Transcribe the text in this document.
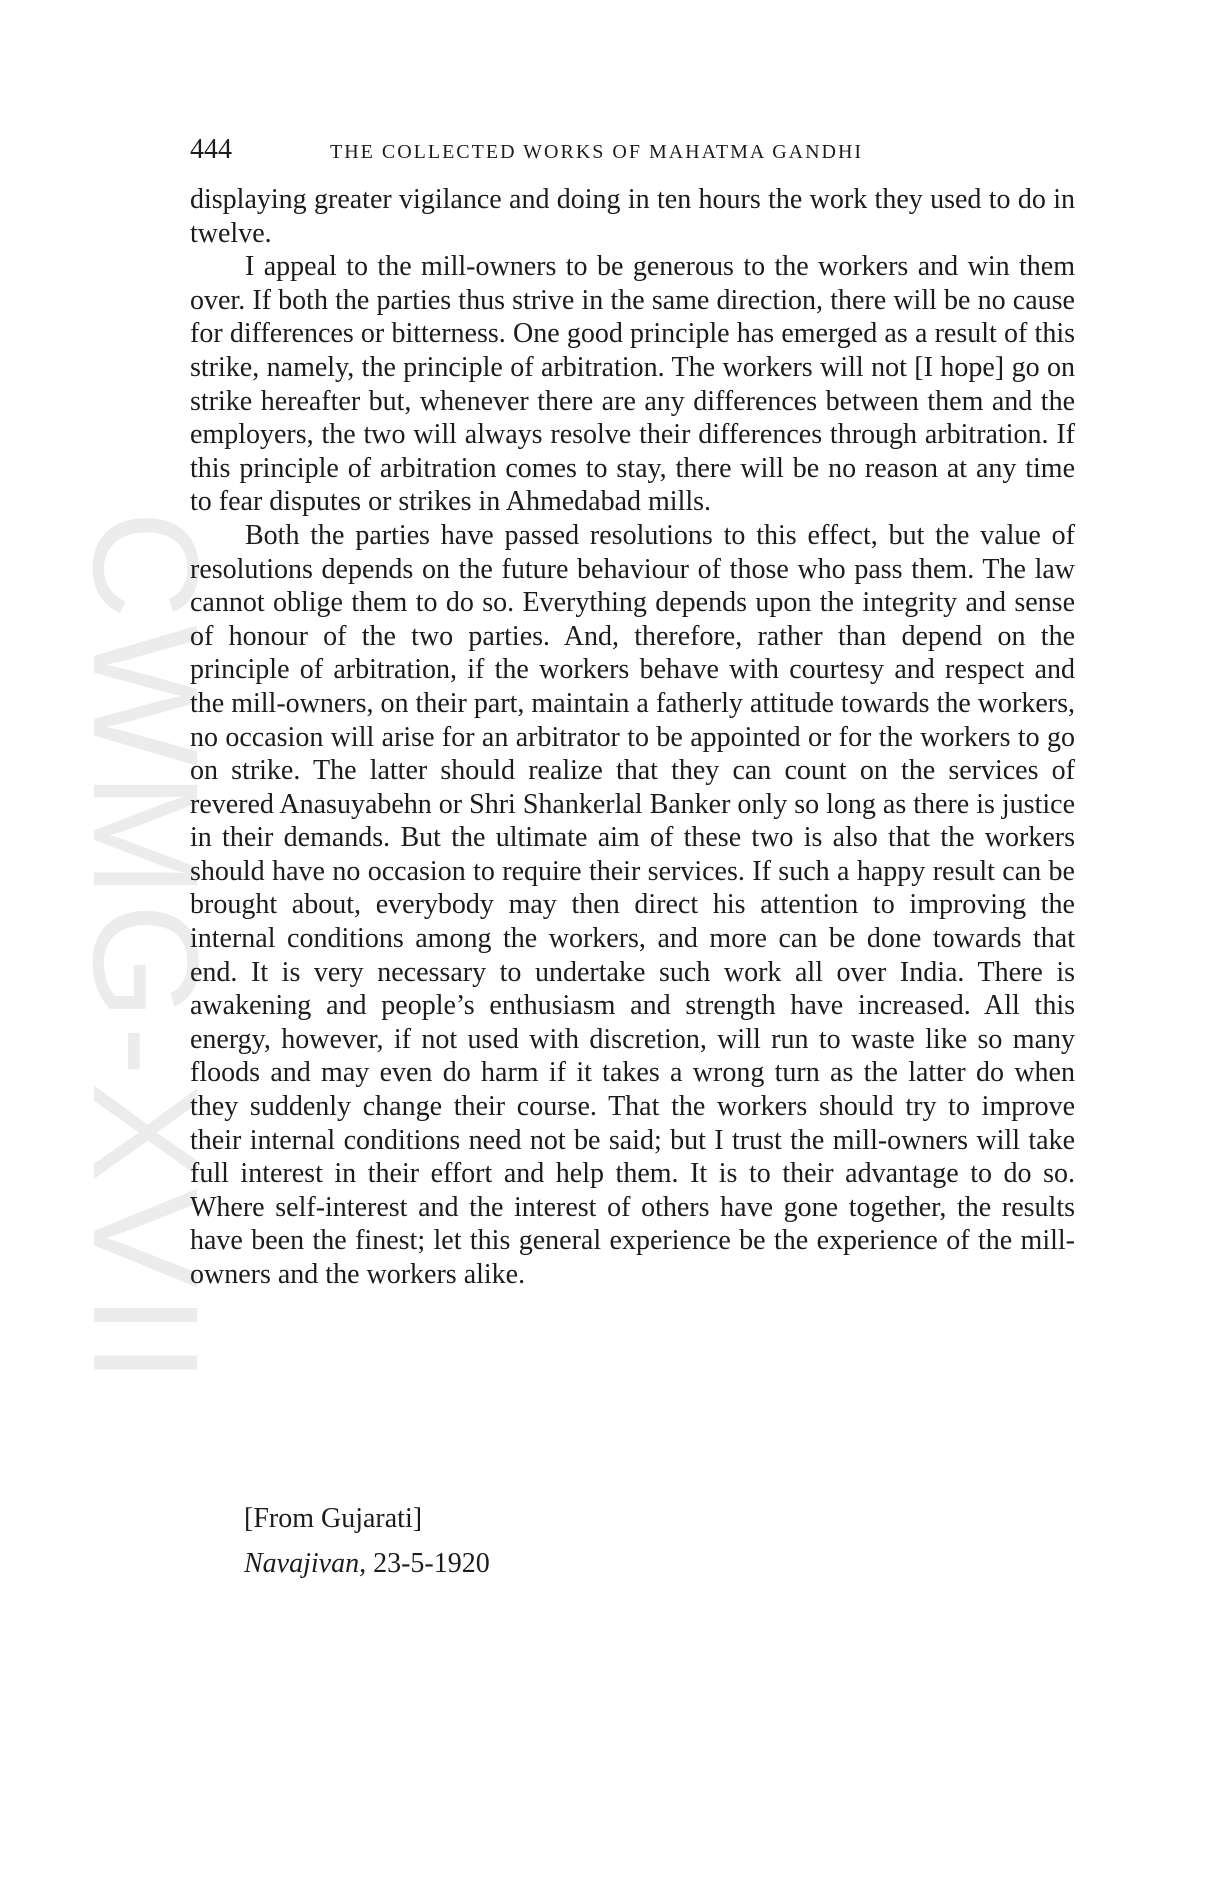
CWMG-XVII
444	THE COLLECTED WORKS OF MAHATMA GANDHI

displaying greater vigilance and doing in ten hours the work they used to do in twelve.

I appeal to the mill-owners to be generous to the workers and win them over. If both the parties thus strive in the same direction, there will be no cause for differences or bitterness. One good principle has emerged as a result of this strike, namely, the principle of arbitration. The workers will not [I hope] go on strike hereafter but, whenever there are any differences between them and the employers, the two will always resolve their differences through arbitration. If this principle of arbitration comes to stay, there will be no reason at any time to fear disputes or strikes in Ahmedabad mills.

Both the parties have passed resolutions to this effect, but the value of resolutions depends on the future behaviour of those who pass them. The law cannot oblige them to do so. Everything depends upon the integrity and sense of honour of the two parties. And, therefore, rather than depend on the principle of arbitration, if the workers behave with courtesy and respect and the mill-owners, on their part, maintain a fatherly attitude towards the workers, no occasion will arise for an arbitrator to be appointed or for the workers to go on strike. The latter should realize that they can count on the services of revered Anasuyabehn or Shri Shankerlal Banker only so long as there is justice in their demands. But the ultimate aim of these two is also that the workers should have no occasion to require their services. If such a happy result can be brought about, everybody may then direct his attention to improving the internal conditions among the workers, and more can be done towards that end. It is very necessary to undertake such work all over India. There is awakening and people’s enthusiasm and strength have increased. All this energy, however, if not used with discretion, will run to waste like so many floods and may even do harm if it takes a wrong turn as the latter do when they suddenly change their course. That the workers should try to improve their internal conditions need not be said; but I trust the mill-owners will take full interest in their effort and help them. It is to their advantage to do so. Where self-interest and the interest of others have gone together, the results have been the finest; let this general experience be the experience of the mill-owners and the workers alike.

[From Gujarati]
Navajivan, 23-5-1920
